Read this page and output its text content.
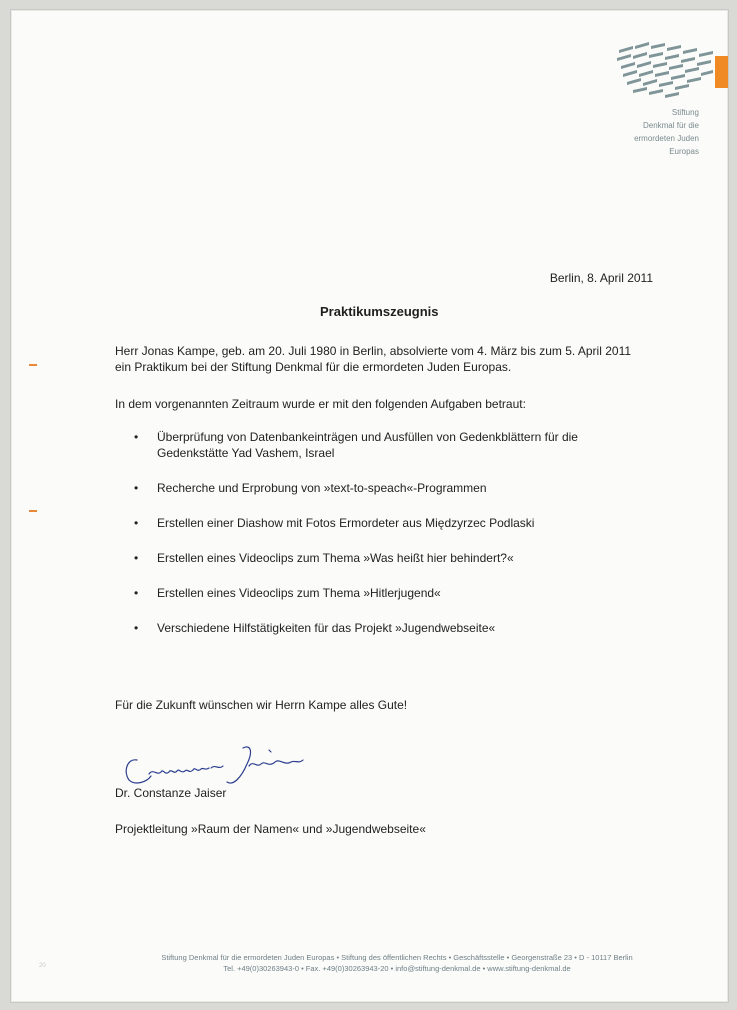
Stiftung
Denkmal für die
ermordeten Juden
Europas
Berlin, 8. April 2011
Praktikumszeugnis
Herr Jonas Kampe, geb. am 20. Juli 1980 in Berlin, absolvierte vom 4. März bis zum 5. April 2011
ein Praktikum bei der Stiftung Denkmal für die ermordeten Juden Europas.
In dem vorgenannten Zeitraum wurde er mit den folgenden Aufgaben betraut:
• Überprüfung von Datenbankeinträgen und Ausfüllen von Gedenkblättern für die
Gedenkstätte Yad Vashem, Israel
• Recherche und Erprobung von »text-to-speach«-Programmen
• Erstellen einer Diashow mit Fotos Ermordeter aus Międzyrzec Podlaski
• Erstellen eines Videoclips zum Thema »Was heißt hier behindert?«
• Erstellen eines Videoclips zum Thema »Hitlerjugend«
• Verschiedene Hilfstätigkeiten für das Projekt »Jugendwebseite«
Für die Zukunft wünschen wir Herrn Kampe alles Gute!
Dr. Constanze Jaiser
Projektleitung »Raum der Namen« und »Jugendwebseite«
20
Stiftung Denkmal für die ermordeten Juden Europas • Stiftung des öffentlichen Rechts • Geschäftsstelle • Georgenstraße 23 • D - 10117 Berlin
Tel. +49(0)30263943-0 • Fax. +49(0)30263943-20 • info@stiftung-denkmal.de • www.stiftung-denkmal.de
